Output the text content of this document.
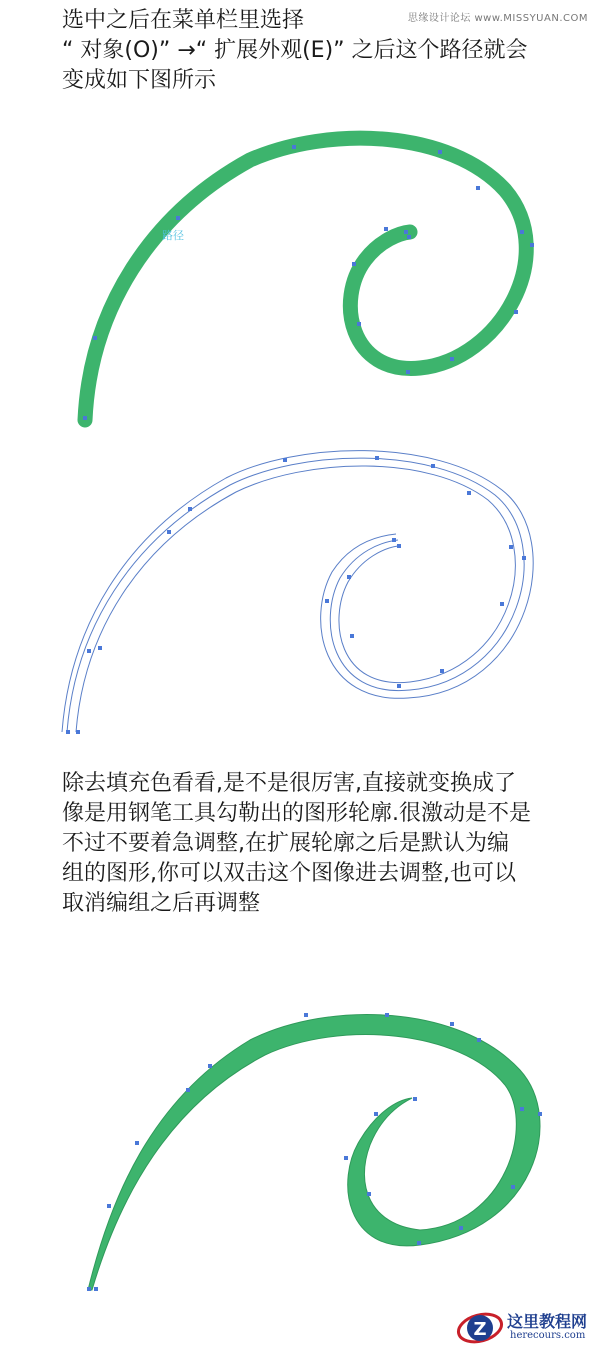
选中之后在菜单栏里选择
“ 对象(O)” →“ 扩展外观(E)” 之后这个路径就会
变成如下图所示
思缘设计论坛 www.MISSYUAN.COM
路径
除去填充色看看,是不是很厉害,直接就变换成了
像是用钢笔工具勾勒出的图形轮廓.很激动是不是
不过不要着急调整,在扩展轮廓之后是默认为编
组的图形,你可以双击这个图像进去调整,也可以
取消编组之后再调整
Z 这里教程网
herecours.com
